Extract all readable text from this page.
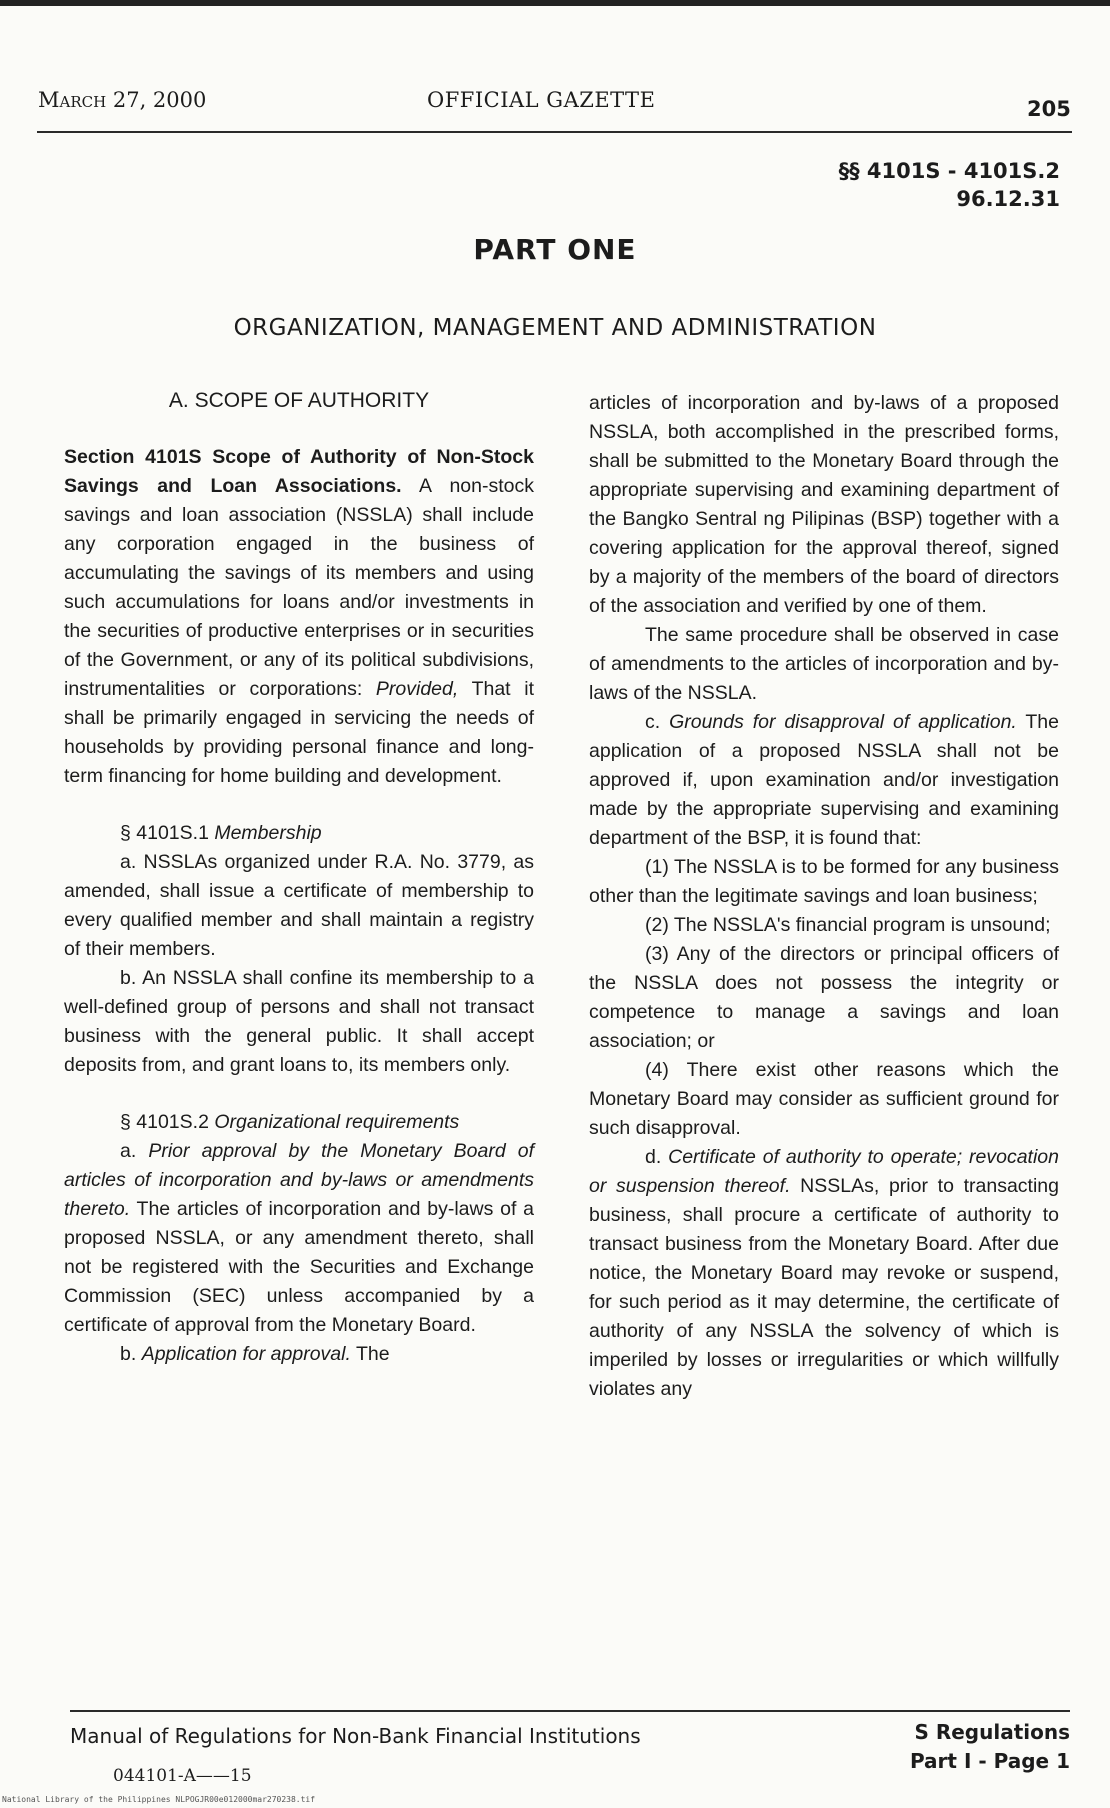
March 27, 2000	OFFICIAL GAZETTE	205
§§ 4101S - 4101S.2
96.12.31
PART ONE
ORGANIZATION, MANAGEMENT AND ADMINISTRATION

A. SCOPE OF AUTHORITY

Section 4101S Scope of Authority of Non-Stock Savings and Loan Associations. A non-stock savings and loan association (NSSLA) shall include any corporation engaged in the business of accumulating the savings of its members and using such accumulations for loans and/or investments in the securities of productive enterprises or in securities of the Government, or any of its political subdivisions, instrumentalities or corporations: Provided, That it shall be primarily engaged in servicing the needs of households by providing personal finance and long-term financing for home building and development.

§ 4101S.1 Membership

a. NSSLAs organized under R.A. No. 3779, as amended, shall issue a certificate of membership to every qualified member and shall maintain a registry of their members.

b. An NSSLA shall confine its membership to a well-defined group of persons and shall not transact business with the general public. It shall accept deposits from, and grant loans to, its members only.

§ 4101S.2 Organizational requirements

a. Prior approval by the Monetary Board of articles of incorporation and by-laws or amendments thereto. The articles of incorporation and by-laws of a proposed NSSLA, or any amendment thereto, shall not be registered with the Securities and Exchange Commission (SEC) unless accompanied by a certificate of approval from the Monetary Board.

b. Application for approval. The

articles of incorporation and by-laws of a proposed NSSLA, both accomplished in the prescribed forms, shall be submitted to the Monetary Board through the appropriate supervising and examining department of the Bangko Sentral ng Pilipinas (BSP) together with a covering application for the approval thereof, signed by a majority of the members of the board of directors of the association and verified by one of them.

The same procedure shall be observed in case of amendments to the articles of incorporation and by-laws of the NSSLA.

c. Grounds for disapproval of application. The application of a proposed NSSLA shall not be approved if, upon examination and/or investigation made by the appropriate supervising and examining department of the BSP, it is found that:

(1) The NSSLA is to be formed for any business other than the legitimate savings and loan business;

(2) The NSSLA's financial program is unsound;

(3) Any of the directors or principal officers of the NSSLA does not possess the integrity or competence to manage a savings and loan association; or

(4) There exist other reasons which the Monetary Board may consider as sufficient ground for such disapproval.

d. Certificate of authority to operate; revocation or suspension thereof. NSSLAs, prior to transacting business, shall procure a certificate of authority to transact business from the Monetary Board. After due notice, the Monetary Board may revoke or suspend, for such period as it may determine, the certificate of authority of any NSSLA the solvency of which is imperiled by losses or irregularities or which willfully violates any

Manual of Regulations for Non-Bank Financial Institutions
044101-A——15
S Regulations
Part I - Page 1
National Library of the Philippines NLPOGJR00e012000mar270238.tif
